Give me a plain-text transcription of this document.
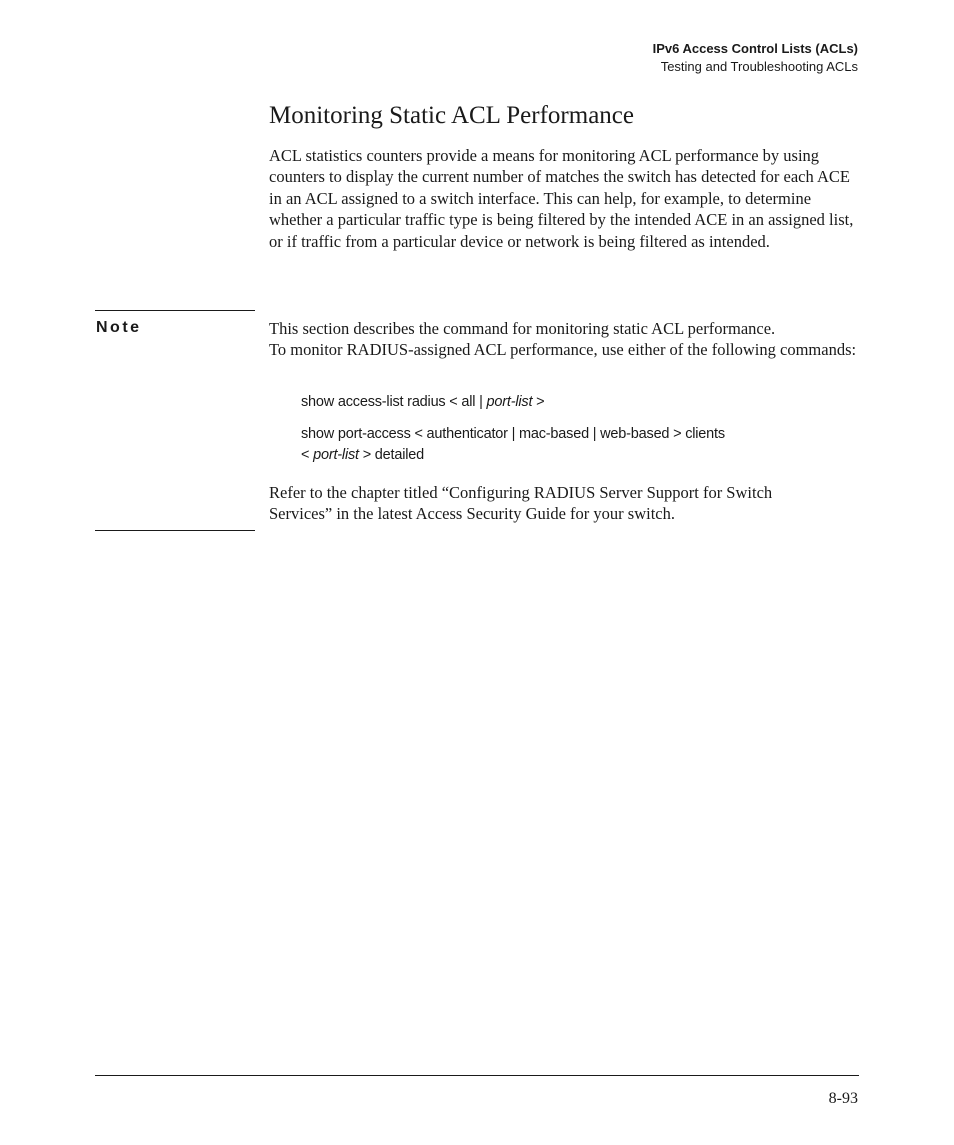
IPv6 Access Control Lists (ACLs)
Testing and Troubleshooting ACLs
Monitoring Static ACL Performance

ACL statistics counters provide a means for monitoring ACL performance by using counters to display the current number of matches the switch has detected for each ACE in an ACL assigned to a switch interface. This can help, for example, to determine whether a particular traffic type is being filtered by the intended ACE in an assigned list, or if traffic from a particular device or network is being filtered as intended.

Note	This section describes the command for monitoring static ACL performance.
To monitor RADIUS-assigned ACL performance, use either of the following commands:

show access-list radius < all | port-list >
show port-access < authenticator | mac-based | web-based > clients
< port-list > detailed

Refer to the chapter titled “Configuring RADIUS Server Support for Switch
Services” in the latest Access Security Guide for your switch.

8-93
